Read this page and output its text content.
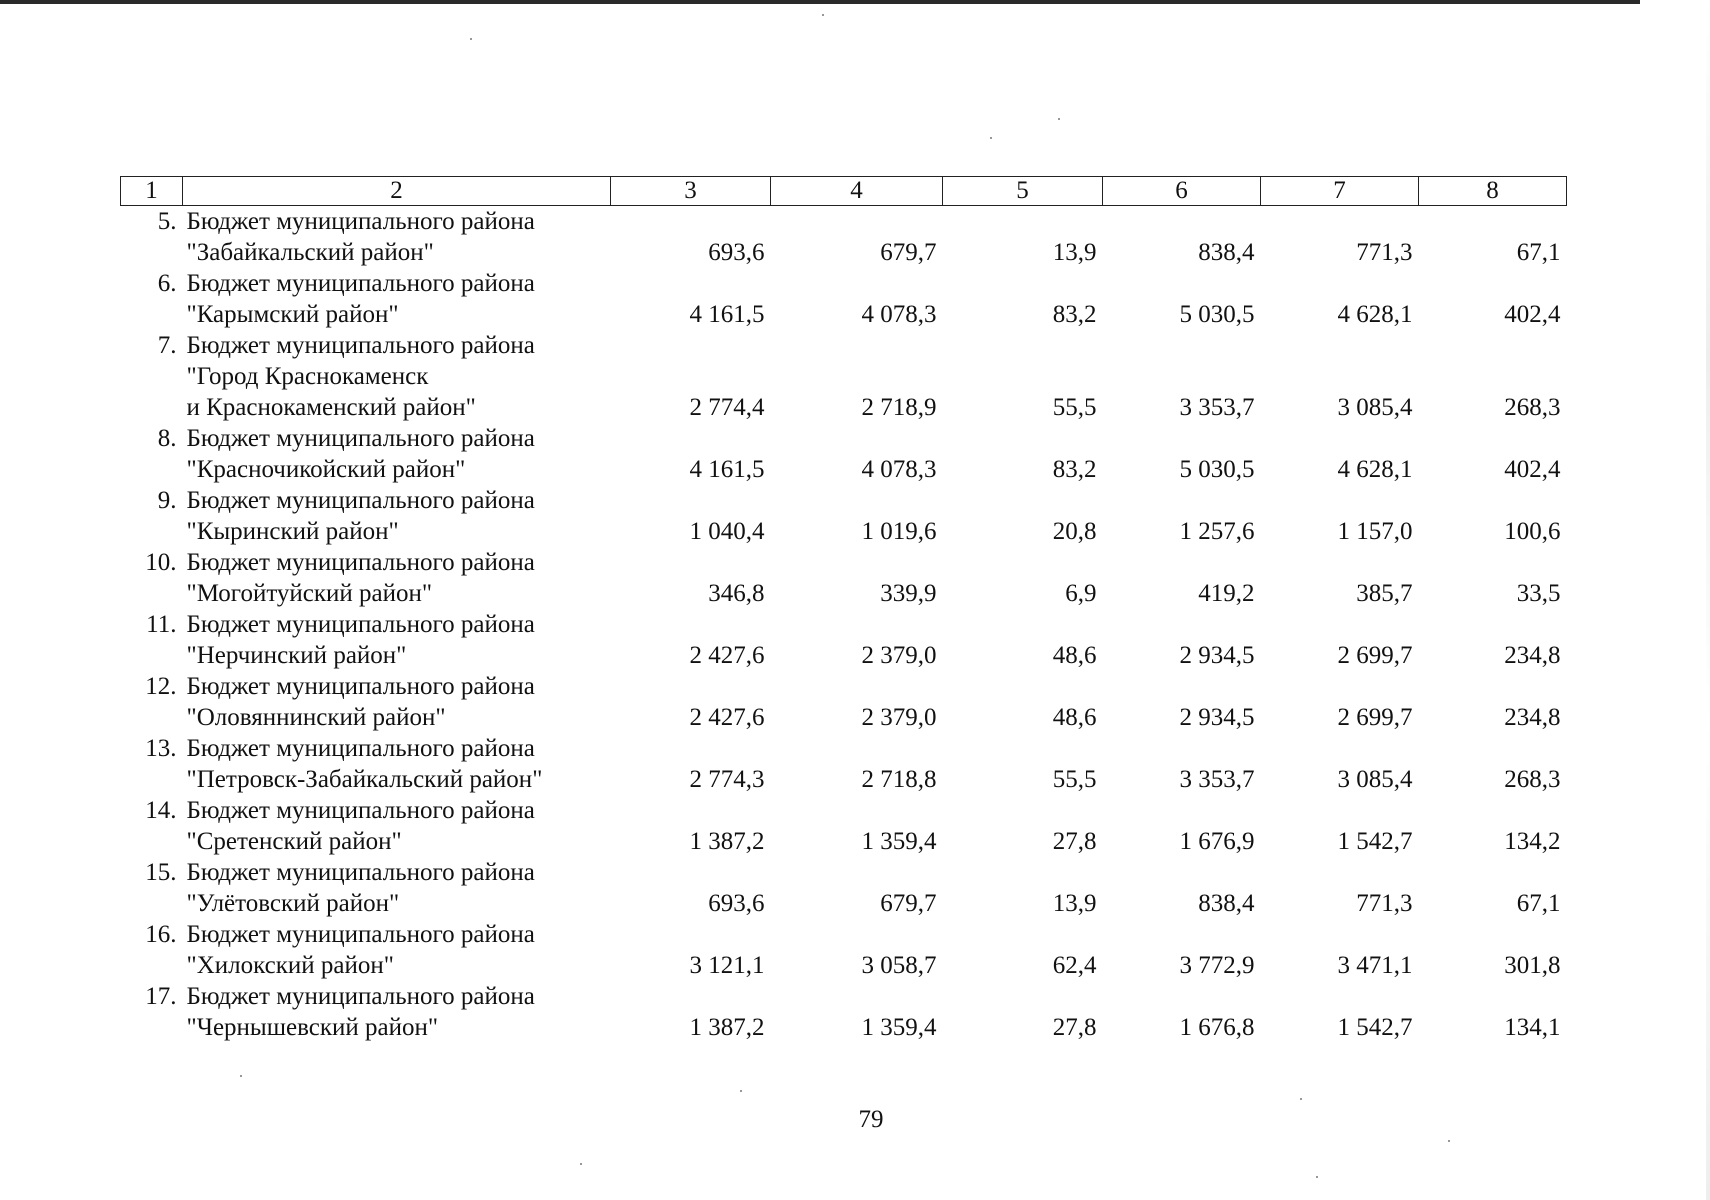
1	2	3	4	5	6	7	8
5.	Бюджет муниципального района
"Забайкальский район"	693,6	679,7	13,9	838,4	771,3	67,1
6.	Бюджет муниципального района
"Карымский район"	4 161,5	4 078,3	83,2	5 030,5	4 628,1	402,4
7.	Бюджет муниципального района
"Город Краснокаменск
и Краснокаменский район"	2 774,4	2 718,9	55,5	3 353,7	3 085,4	268,3
8.	Бюджет муниципального района
"Красночикойский район"	4 161,5	4 078,3	83,2	5 030,5	4 628,1	402,4
9.	Бюджет муниципального района
"Кыринский район"	1 040,4	1 019,6	20,8	1 257,6	1 157,0	100,6
10.	Бюджет муниципального района
"Могойтуйский район"	346,8	339,9	6,9	419,2	385,7	33,5
11.	Бюджет муниципального района
"Нерчинский район"	2 427,6	2 379,0	48,6	2 934,5	2 699,7	234,8
12.	Бюджет муниципального района
"Оловяннинский район"	2 427,6	2 379,0	48,6	2 934,5	2 699,7	234,8
13.	Бюджет муниципального района
"Петровск-Забайкальский район"	2 774,3	2 718,8	55,5	3 353,7	3 085,4	268,3
14.	Бюджет муниципального района
"Сретенский район"	1 387,2	1 359,4	27,8	1 676,9	1 542,7	134,2
15.	Бюджет муниципального района
"Улётовский район"	693,6	679,7	13,9	838,4	771,3	67,1
16.	Бюджет муниципального района
"Хилокский район"	3 121,1	3 058,7	62,4	3 772,9	3 471,1	301,8
17.	Бюджет муниципального района
"Чернышевский район"	1 387,2	1 359,4	27,8	1 676,8	1 542,7	134,1
79
